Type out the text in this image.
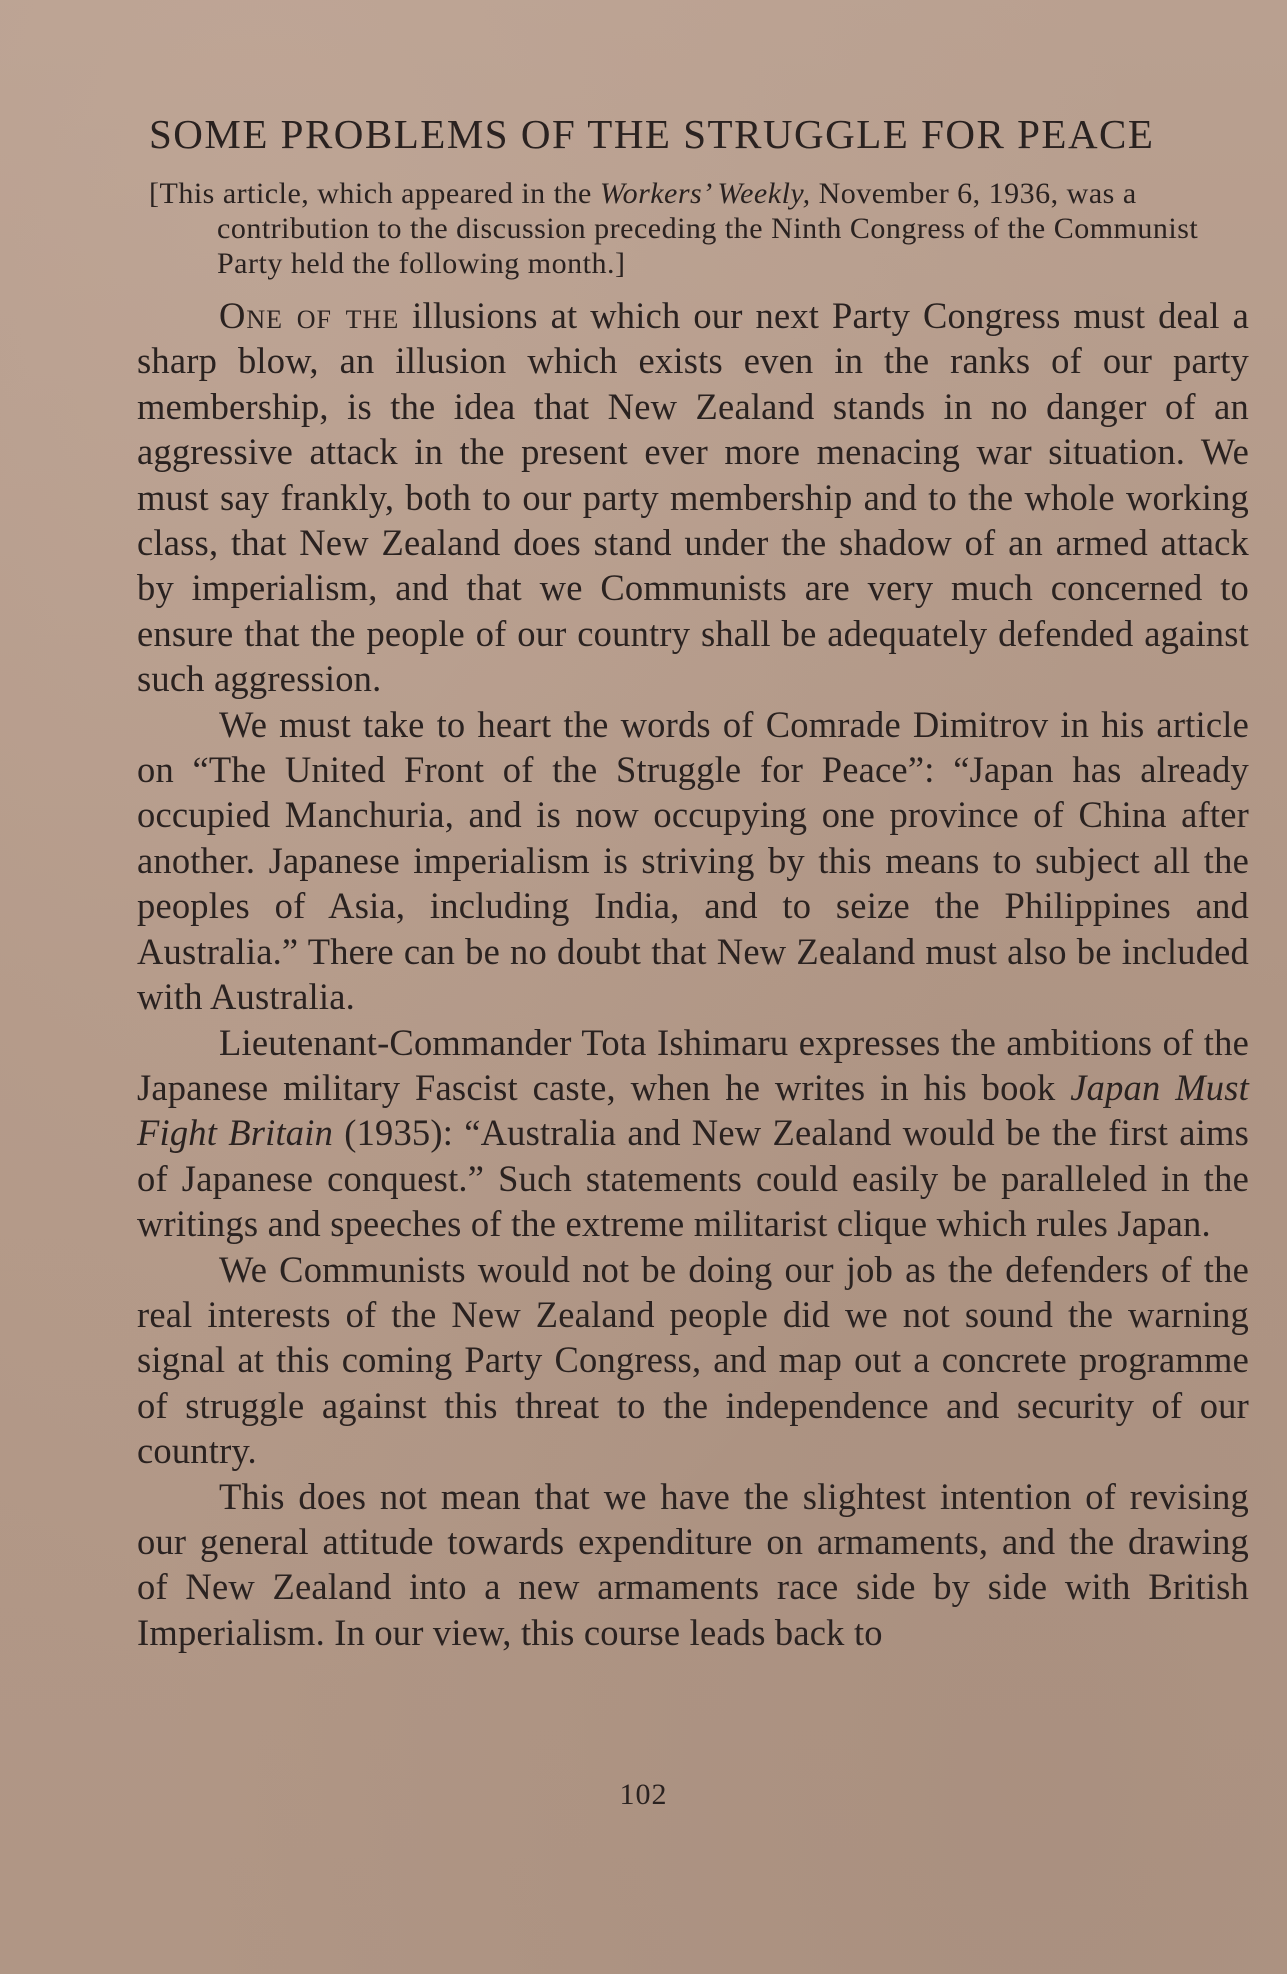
SOME PROBLEMS OF THE STRUGGLE FOR PEACE

[This article, which appeared in the Workers’ Weekly, November 6, 1936, was a contribution to the discussion preceding the Ninth Congress of the Communist Party held the following month.]

One of the illusions at which our next Party Congress must deal a sharp blow, an illusion which exists even in the ranks of our party membership, is the idea that New Zealand stands in no danger of an aggressive attack in the present ever more menacing war situation. We must say frankly, both to our party membership and to the whole working class, that New Zealand does stand under the shadow of an armed attack by imperialism, and that we Communists are very much concerned to ensure that the people of our country shall be adequately defended against such aggression.

We must take to heart the words of Comrade Dimitrov in his article on “The United Front of the Struggle for Peace”: “Japan has already occupied Manchuria, and is now occupying one province of China after another. Japanese imperialism is striving by this means to subject all the peoples of Asia, including India, and to seize the Philippines and Australia.” There can be no doubt that New Zealand must also be included with Australia.

Lieutenant-Commander Tota Ishimaru expresses the ambitions of the Japanese military Fascist caste, when he writes in his book Japan Must Fight Britain (1935): “Australia and New Zealand would be the first aims of Japanese conquest.” Such statements could easily be paralleled in the writings and speeches of the extreme militarist clique which rules Japan.

We Communists would not be doing our job as the defenders of the real interests of the New Zealand people did we not sound the warning signal at this coming Party Congress, and map out a concrete programme of struggle against this threat to the independence and security of our country.

This does not mean that we have the slightest intention of revising our general attitude towards expenditure on armaments, and the drawing of New Zealand into a new armaments race side by side with British Imperialism. In our view, this course leads back to

102
